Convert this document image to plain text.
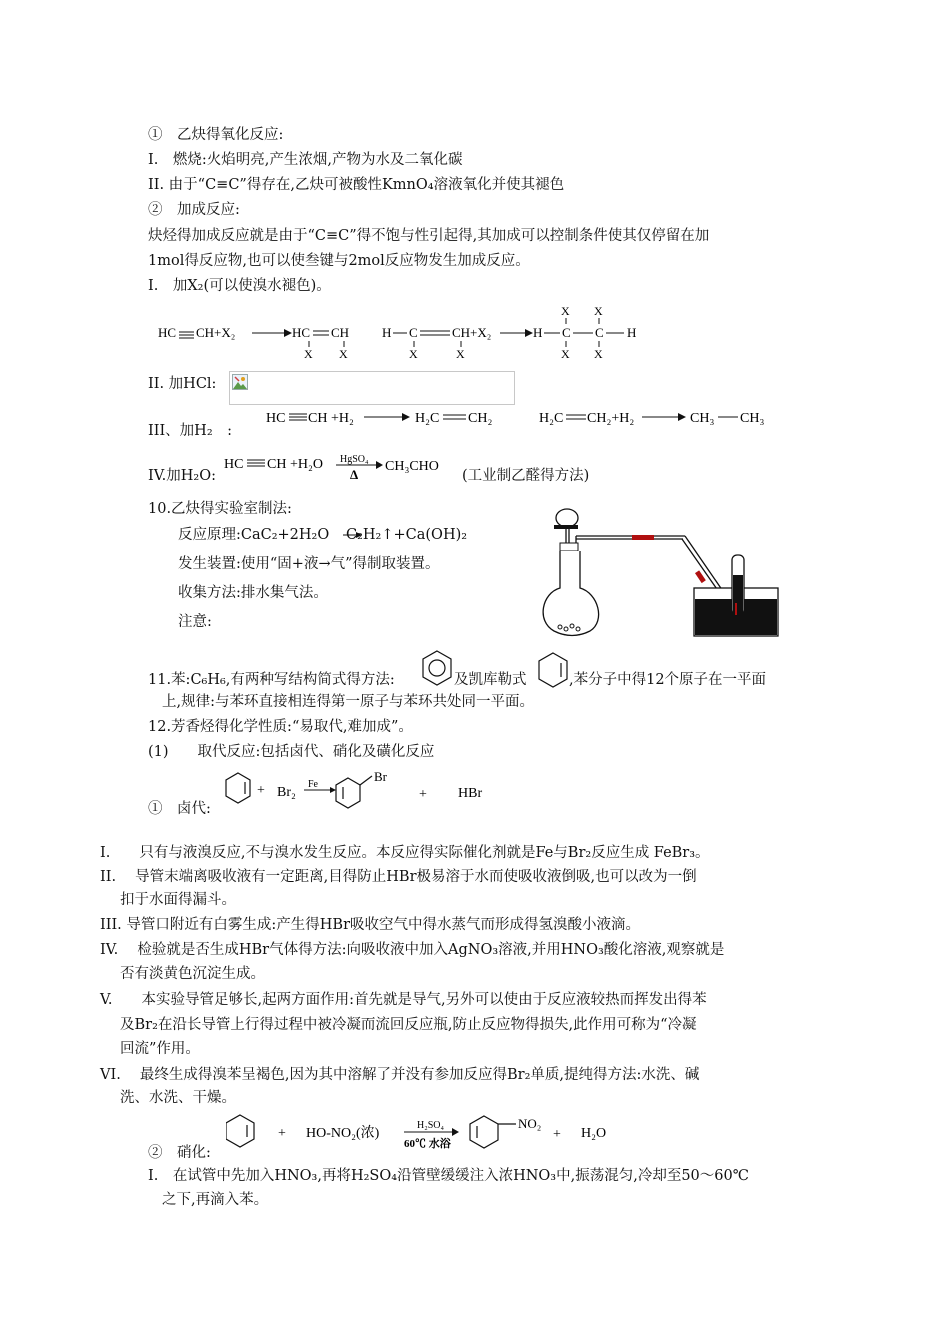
①　乙炔得氧化反应:
I.　燃烧:火焰明亮,产生浓烟,产物为水及二氧化碳
II. 由于“C≡C”得存在,乙炔可被酸性KmnO₄溶液氧化并使其褪色
②　加成反应:
炔烃得加成反应就是由于“C≡C”得不饱与性引起得,其加成可以控制条件使其仅停留在加
1mol得反应物,也可以使叁键与2mol反应物发生加成反应。
I.　加X₂(可以使溴水褪色)。
HC CH +X₂	HC CH
X X
H C	CH+X₂
X	X
H C C H
X X
X X
II. 加HCl:
HC CH +H₂	H₂C CH₂	H₂C CH₂+H₂	CH₃ CH₃
III、加H₂　:
IV.加H₂O:
HC CH +H₂O HgSO₄
Δ
CH₃CHO
(工业制乙醛得方法)
10.乙炔得实验室制法:
反应原理:CaC₂+2H₂O →
C₂H₂↑+Ca(OH)₂
发生装置:使用“固+液→气”得制取装置。
收集方法:排水集气法。
注意:
11.苯:C₆H₆,有两种写结构简式得方法:	及凯库勒式	,苯分子中得12个原子在一平面
上,规律:与苯环直接相连得第一原子与苯环共处同一平面。
12.芳香烃得化学性质:“易取代,难加成”。
(1)　　取代反应:包括卤代、硝化及磺化反应
①　卤代:
+ Br₂
Fe
Br
+ HBr
I.　　只有与液溴反应,不与溴水发生反应。本反应得实际催化剂就是Fe与Br₂反应生成 FeBr₃。
II.　 导管末端离吸收液有一定距离,目得防止HBr极易溶于水而使吸收液倒吸,也可以改为一倒
扣于水面得漏斗。
III. 导管口附近有白雾生成:产生得HBr吸收空气中得水蒸气而形成得氢溴酸小液滴。
IV.　 检验就是否生成HBr气体得方法:向吸收液中加入AgNO₃溶液,并用HNO₃酸化溶液,观察就是
否有淡黄色沉淀生成。
V.　　本实验导管足够长,起两方面作用:首先就是导气,另外可以使由于反应液较热而挥发出得苯
及Br₂在沿长导管上行得过程中被冷凝而流回反应瓶,防止反应物得损失,此作用可称为“冷凝
回流”作用。
VI.　 最终生成得溴苯呈褐色,因为其中溶解了并没有参加反应得Br₂单质,提纯得方法:水洗、碱
洗、水洗、干燥。
②　硝化:
+ HO-NO₂(浓)
H₂SO₄
60℃ 水浴
NO₂
+ H₂O
I.　在试管中先加入HNO₃,再将H₂SO₄沿管壁缓缓注入浓HNO₃中,振荡混匀,冷却至50～60℃
之下,再滴入苯。
